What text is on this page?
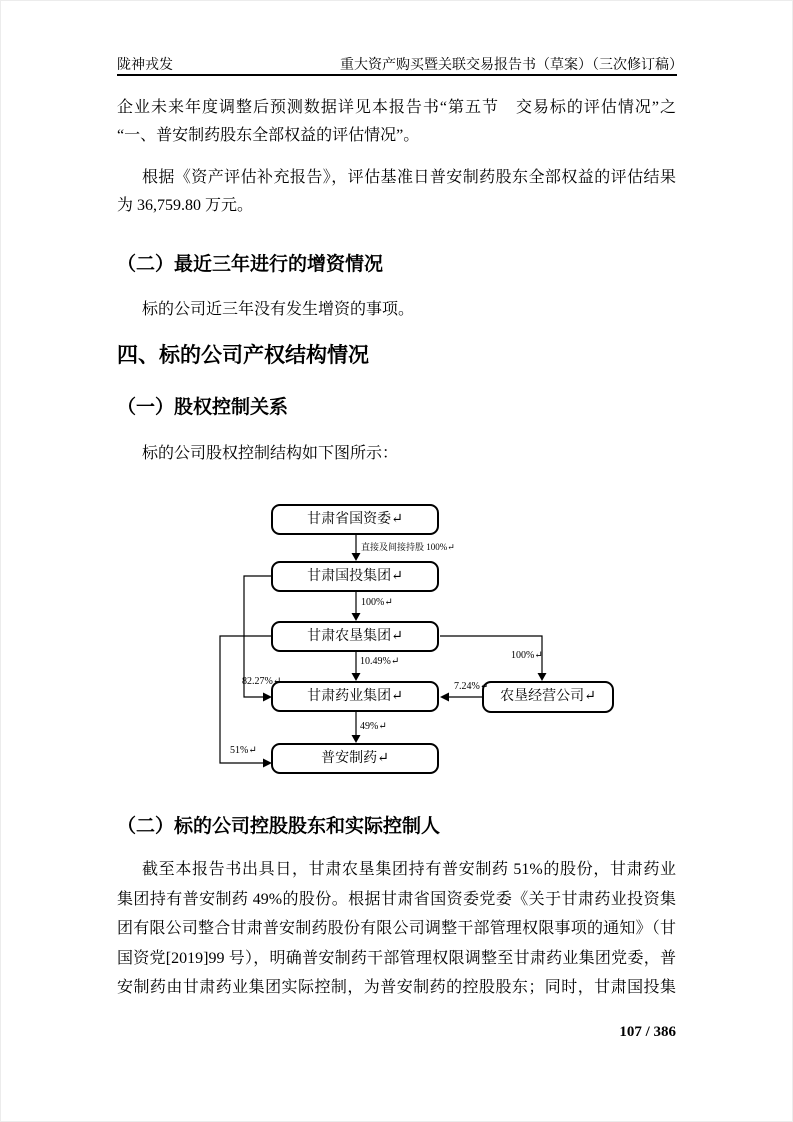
陇神戎发	重大资产购买暨关联交易报告书（草案）（三次修订稿）
企业未来年度调整后预测数据详见本报告书“第五节　交易标的评估情况”之
“一、普安制药股东全部权益的评估情况”。
根据《资产评估补充报告》，评估基准日普安制药股东全部权益的评估结果
为 36,759.80 万元。
（二）最近三年进行的增资情况
标的公司近三年没有发生增资的事项。
四、标的公司产权结构情况
（一）股权控制关系
标的公司股权控制结构如下图所示：
甘肃省国资委↵
甘肃国投集团↵
甘肃农垦集团↵
甘肃药业集团↵
普安制药↵
农垦经营公司↵
直接及间接持股 100%↵
100%↵
10.49%↵
49%↵
100%↵
7.24%↵
82.27%↵
51%↵
（二）标的公司控股股东和实际控制人
截至本报告书出具日，甘肃农垦集团持有普安制药 51%的股份，甘肃药业
集团持有普安制药 49%的股份。根据甘肃省国资委党委《关于甘肃药业投资集
团有限公司整合甘肃普安制药股份有限公司调整干部管理权限事项的通知》（甘
国资党[2019]99 号），明确普安制药干部管理权限调整至甘肃药业集团党委，普
安制药由甘肃药业集团实际控制，为普安制药的控股股东；同时，甘肃国投集
107 / 386
